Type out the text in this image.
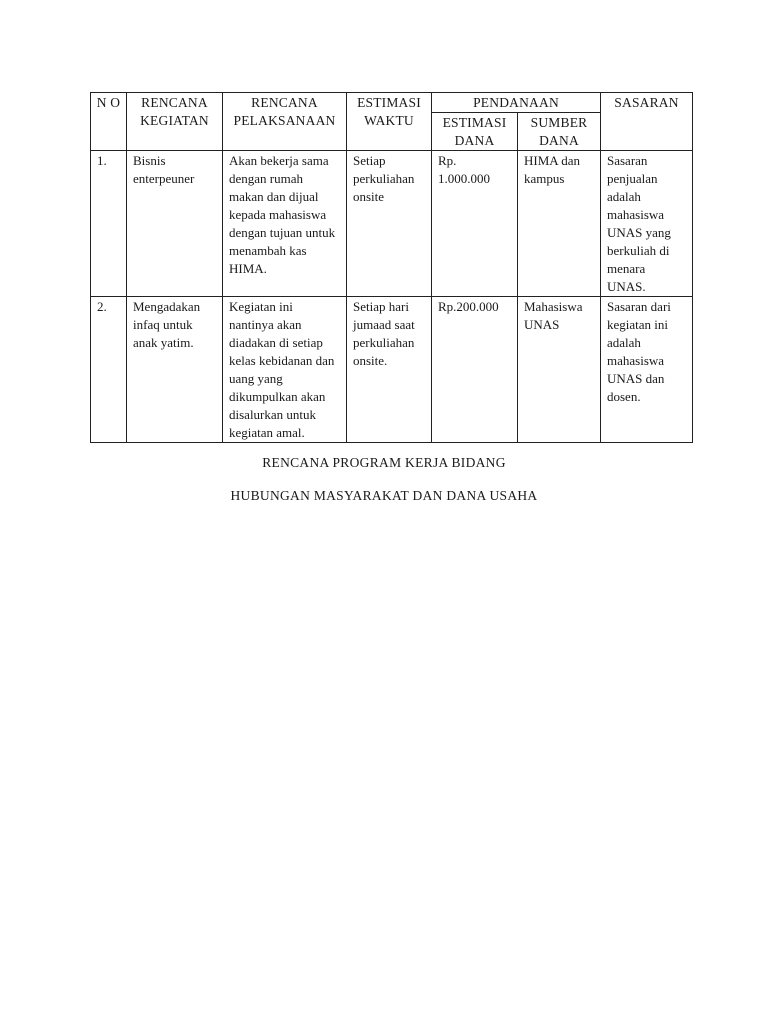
N O	RENCANA KEGIATAN	RENCANA PELAKSANAAN	ESTIMASI WAKTU	PENDANAAN		SASARAN
				ESTIMASI DANA	SUMBER DANA	
1.	Bisnis enterpeuner	Akan bekerja sama dengan rumah makan dan dijual kepada mahasiswa dengan tujuan untuk menambah kas HIMA.	Setiap perkuliahan onsite	Rp. 1.000.000	HIMA dan kampus	Sasaran penjualan adalah mahasiswa UNAS yang berkuliah di menara UNAS.
2.	Mengadakan infaq untuk anak yatim.	Kegiatan ini nantinya akan diadakan di setiap kelas kebidanan dan uang yang dikumpulkan akan disalurkan untuk kegiatan amal.	Setiap hari jumaad saat perkuliahan onsite.	Rp.200.000	Mahasiswa UNAS	Sasaran dari kegiatan ini adalah mahasiswa UNAS dan dosen.
RENCANA PROGRAM KERJA BIDANG
HUBUNGAN MASYARAKAT DAN DANA USAHA
